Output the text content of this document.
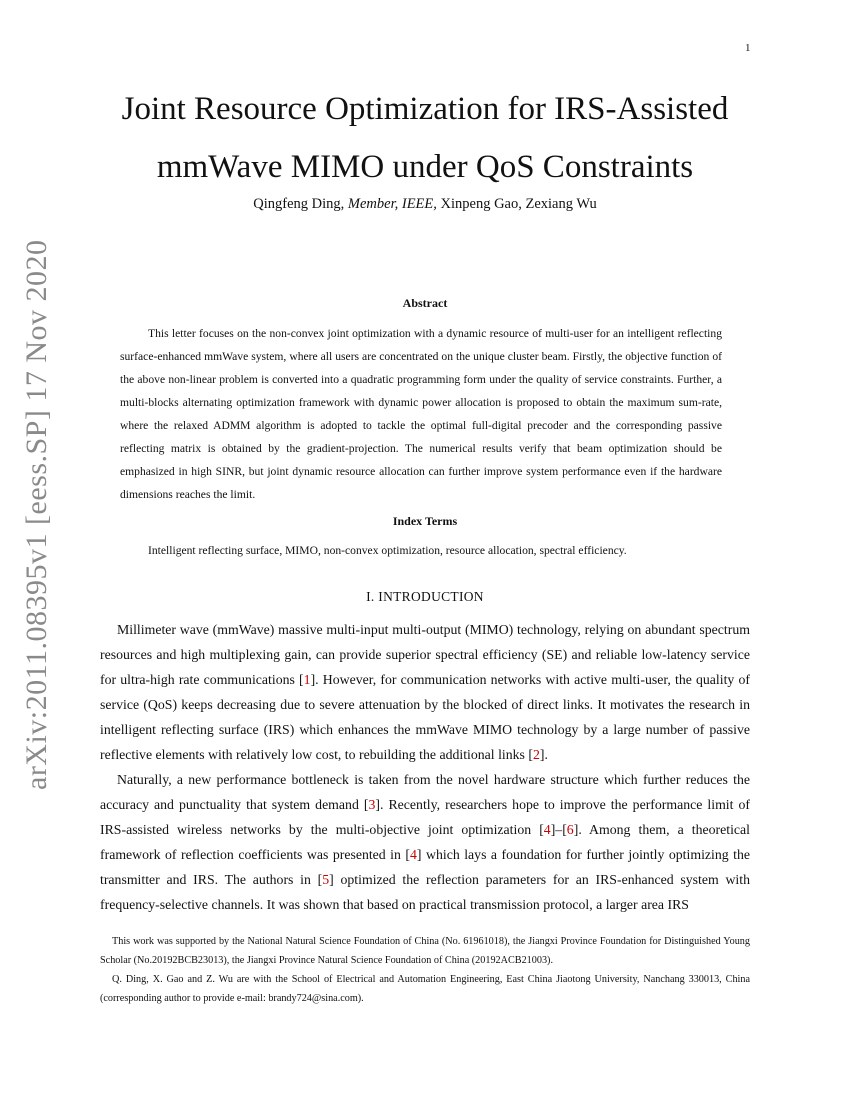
1
arXiv:2011.08395v1 [eess.SP] 17 Nov 2020
Joint Resource Optimization for IRS-Assisted mmWave MIMO under QoS Constraints
Qingfeng Ding, Member, IEEE, Xinpeng Gao, Zexiang Wu
Abstract

This letter focuses on the non-convex joint optimization with a dynamic resource of multi-user for an intelligent reflecting surface-enhanced mmWave system, where all users are concentrated on the unique cluster beam. Firstly, the objective function of the above non-linear problem is converted into a quadratic programming form under the quality of service constraints. Further, a multi-blocks alternating optimization framework with dynamic power allocation is proposed to obtain the maximum sum-rate, where the relaxed ADMM algorithm is adopted to tackle the optimal full-digital precoder and the corresponding passive reflecting matrix is obtained by the gradient-projection. The numerical results verify that beam optimization should be emphasized in high SINR, but joint dynamic resource allocation can further improve system performance even if the hardware dimensions reaches the limit.

Index Terms

Intelligent reflecting surface, MIMO, non-convex optimization, resource allocation, spectral efficiency.

I. INTRODUCTION

Millimeter wave (mmWave) massive multi-input multi-output (MIMO) technology, relying on abundant spectrum resources and high multiplexing gain, can provide superior spectral efficiency (SE) and reliable low-latency service for ultra-high rate communications [1]. However, for communication networks with active multi-user, the quality of service (QoS) keeps decreasing due to severe attenuation by the blocked of direct links. It motivates the research in intelligent reflecting surface (IRS) which enhances the mmWave MIMO technology by a large number of passive reflective elements with relatively low cost, to rebuilding the additional links [2].

Naturally, a new performance bottleneck is taken from the novel hardware structure which further reduces the accuracy and punctuality that system demand [3]. Recently, researchers hope to improve the performance limit of IRS-assisted wireless networks by the multi-objective joint optimization [4]–[6]. Among them, a theoretical framework of reflection coefficients was presented in [4] which lays a foundation for further jointly optimizing the transmitter and IRS. The authors in [5] optimized the reflection parameters for an IRS-enhanced system with frequency-selective channels. It was shown that based on practical transmission protocol, a larger area IRS

This work was supported by the National Natural Science Foundation of China (No. 61961018), the Jiangxi Province Foundation for Distinguished Young Scholar (No.20192BCB23013), the Jiangxi Province Natural Science Foundation of China (20192ACB21003).

Q. Ding, X. Gao and Z. Wu are with the School of Electrical and Automation Engineering, East China Jiaotong University, Nanchang 330013, China (corresponding author to provide e-mail: brandy724@sina.com).
